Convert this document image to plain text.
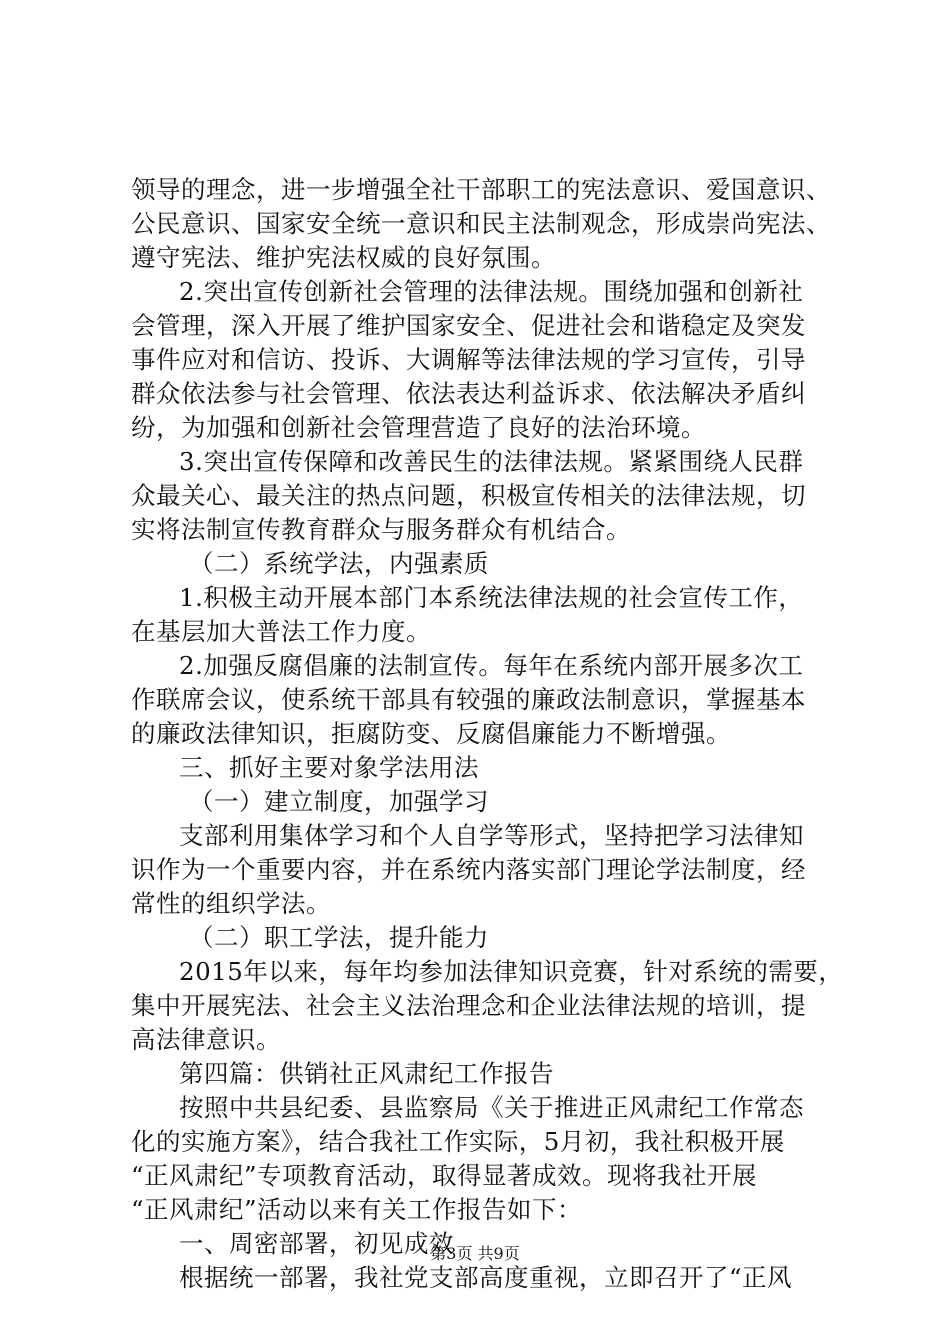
领导的理念，进一步增强全社干部职工的宪法意识、爱国意识、
公民意识、国家安全统一意识和民主法制观念，形成崇尚宪法、
遵守宪法、维护宪法权威的良好氛围。
2.突出宣传创新社会管理的法律法规。围绕加强和创新社
会管理，深入开展了维护国家安全、促进社会和谐稳定及突发
事件应对和信访、投诉、大调解等法律法规的学习宣传，引导
群众依法参与社会管理、依法表达利益诉求、依法解决矛盾纠
纷，为加强和创新社会管理营造了良好的法治环境。
3.突出宣传保障和改善民生的法律法规。紧紧围绕人民群
众最关心、最关注的热点问题，积极宣传相关的法律法规，切
实将法制宣传教育群众与服务群众有机结合。
（二）系统学法，内强素质
1.积极主动开展本部门本系统法律法规的社会宣传工作，
在基层加大普法工作力度。
2.加强反腐倡廉的法制宣传。每年在系统内部开展多次工
作联席会议，使系统干部具有较强的廉政法制意识，掌握基本
的廉政法律知识，拒腐防变、反腐倡廉能力不断增强。
三、抓好主要对象学法用法
（一）建立制度，加强学习
支部利用集体学习和个人自学等形式，坚持把学习法律知
识作为一个重要内容，并在系统内落实部门理论学法制度，经
常性的组织学法。
（二）职工学法，提升能力
2015年以来，每年均参加法律知识竞赛，针对系统的需要，
集中开展宪法、社会主义法治理念和企业法律法规的培训，提
高法律意识。
第四篇：供销社正风肃纪工作报告
按照中共县纪委、县监察局《关于推进正风肃纪工作常态
化的实施方案》，结合我社工作实际，5月初，我社积极开展
“正风肃纪”专项教育活动，取得显著成效。现将我社开展
“正风肃纪”活动以来有关工作报告如下：
一、周密部署，初见成效
根据统一部署，我社党支部高度重视，立即召开了“正风
第3页 共9页
